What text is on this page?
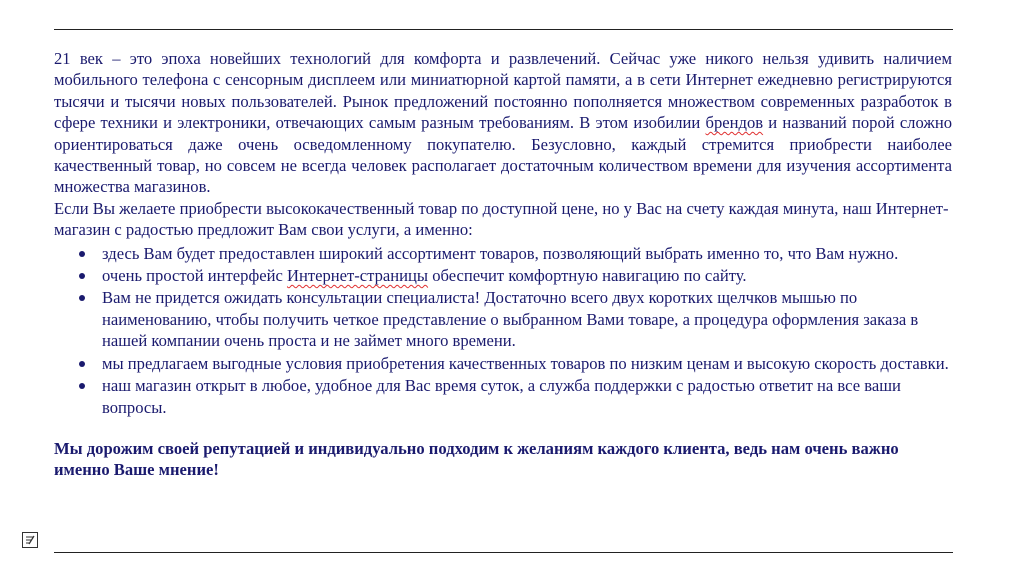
21 век – это эпоха новейших технологий для комфорта и развлечений. Сейчас уже никого нельзя удивить наличием мобильного телефона с сенсорным дисплеем или миниатюрной картой памяти, а в сети Интернет ежедневно регистрируются тысячи и тысячи новых пользователей. Рынок предложений постоянно пополняется множеством современных разработок в сфере техники и электроники, отвечающих самым разным требованиям. В этом изобилии брендов и названий порой сложно ориентироваться даже очень осведомленному покупателю. Безусловно, каждый стремится приобрести наиболее качественный товар, но совсем не всегда человек располагает достаточным количеством времени для изучения ассортимента множества магазинов.

Если Вы желаете приобрести высококачественный товар по доступной цене, но у Вас на счету каждая минута, наш Интернет-магазин с радостью предложит Вам свои услуги, а именно:

здесь Вам будет предоставлен широкий ассортимент товаров, позволяющий выбрать именно то, что Вам нужно.
очень простой интерфейс Интернет-страницы обеспечит комфортную навигацию по сайту.
Вам не придется ожидать консультации специалиста! Достаточно всего двух коротких щелчков мышью по наименованию, чтобы получить четкое представление о выбранном Вами товаре, а процедура оформления заказа в нашей компании очень проста и не займет много времени.
мы предлагаем выгодные условия приобретения качественных товаров по низким ценам и высокую скорость доставки.
наш магазин открыт в любое, удобное для Вас время суток, а служба поддержки с радостью ответит на все ваши вопросы.

Мы дорожим своей репутацией и индивидуально подходим к желаниям каждого клиента, ведь нам очень важно именно Ваше мнение!
